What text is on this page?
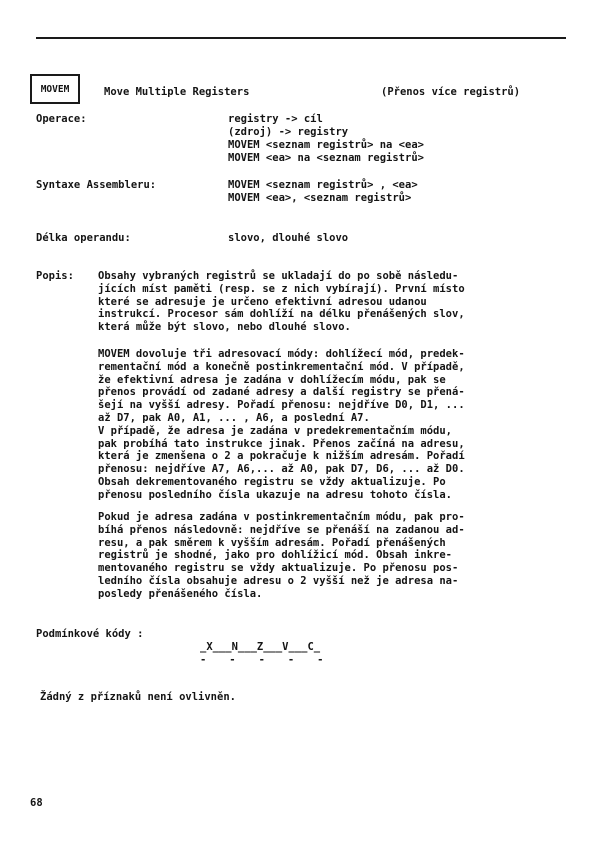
MOVEM	Move Multiple Registers	(Přenos více registrů)
Operace:	registry -> cíl
(zdroj) -> registry
MOVEM <seznam registrů> na <ea>
MOVEM <ea> na <seznam registrů>
Syntaxe Assembleru:	MOVEM <seznam registrů> , <ea>
MOVEM <ea>, <seznam registrů>
Délka operandu:	slovo, dlouhé slovo
Popis: Obsahy vybraných registrů se ukladají do po sobě následu-
jících míst paměti (resp. se z nich vybírají). První místo
které se adresuje je určeno efektivní adresou udanou
instrukcí. Procesor sám dohlíží na délku přenášených slov,
která může být slovo, nebo dlouhé slovo.
MOVEM dovoluje tři adresovací módy: dohlížecí mód, predek-
rementační mód a konečně postinkrementační mód. V případě,
že efektivní adresa je zadána v dohlížecím módu, pak se
přenos provádí od zadané adresy a další registry se přená-
šejí na vyšší adresy. Pořadí přenosu: nejdříve D0, D1, ...
až D7, pak A0, A1, ... , A6, a poslední A7.
V případě, že adresa je zadána v predekrementačním módu,
pak probíhá tato instrukce jinak. Přenos začíná na adresu,
která je zmenšena o 2 a pokračuje k nižším adresám. Pořadí
přenosu: nejdříve A7, A6,... až A0, pak D7, D6, ... až D0.
Obsah dekrementovaného registru se vždy aktualizuje. Po
přenosu posledního čísla ukazuje na adresu tohoto čísla.
Pokud je adresa zadána v postinkrementačním módu, pak pro-
bíhá přenos následovně: nejdříve se přenáší na zadanou ad-
resu, a pak směrem k vyšším adresám. Pořadí přenášených
registrů je shodné, jako pro dohlížicí mód. Obsah inkre-
mentovaného registru se vždy aktualizuje. Po přenosu pos-
ledního čísla obsahuje adresu o 2 vyšší než je adresa na-
posledy přenášeného čísla.
Podmínkové kódy :
_X___N___Z___V___C_
-   -   -   -   -
Žádný z příznaků není ovlivněn.
68
